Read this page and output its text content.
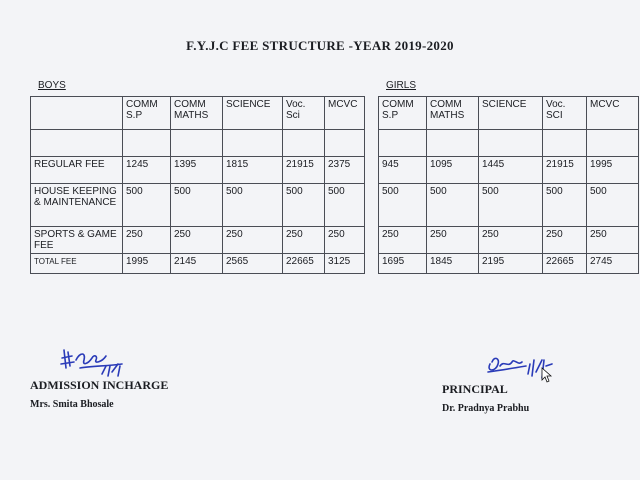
F.Y.J.C FEE STRUCTURE -YEAR 2019-2020
BOYS	GIRLS
	COMM S.P	COMM MATHS	SCIENCE	Voc. Sci	MCVC		COMM S.P	COMM MATHS	SCIENCE	Voc. SCI	MCVC

REGULAR FEE	1245	1395	1815	21915	2375		945	1095	1445	21915	1995
HOUSE KEEPING & MAINTENANCE	500	500	500	500	500		500	500	500	500	500
SPORTS & GAME FEE	250	250	250	250	250		250	250	250	250	250
TOTAL FEE	1995	2145	2565	22665	3125		1695	1845	2195	22665	2745
ADMISSION INCHARGE
Mrs. Smita Bhosale
PRINCIPAL
Dr. Pradnya Prabhu
